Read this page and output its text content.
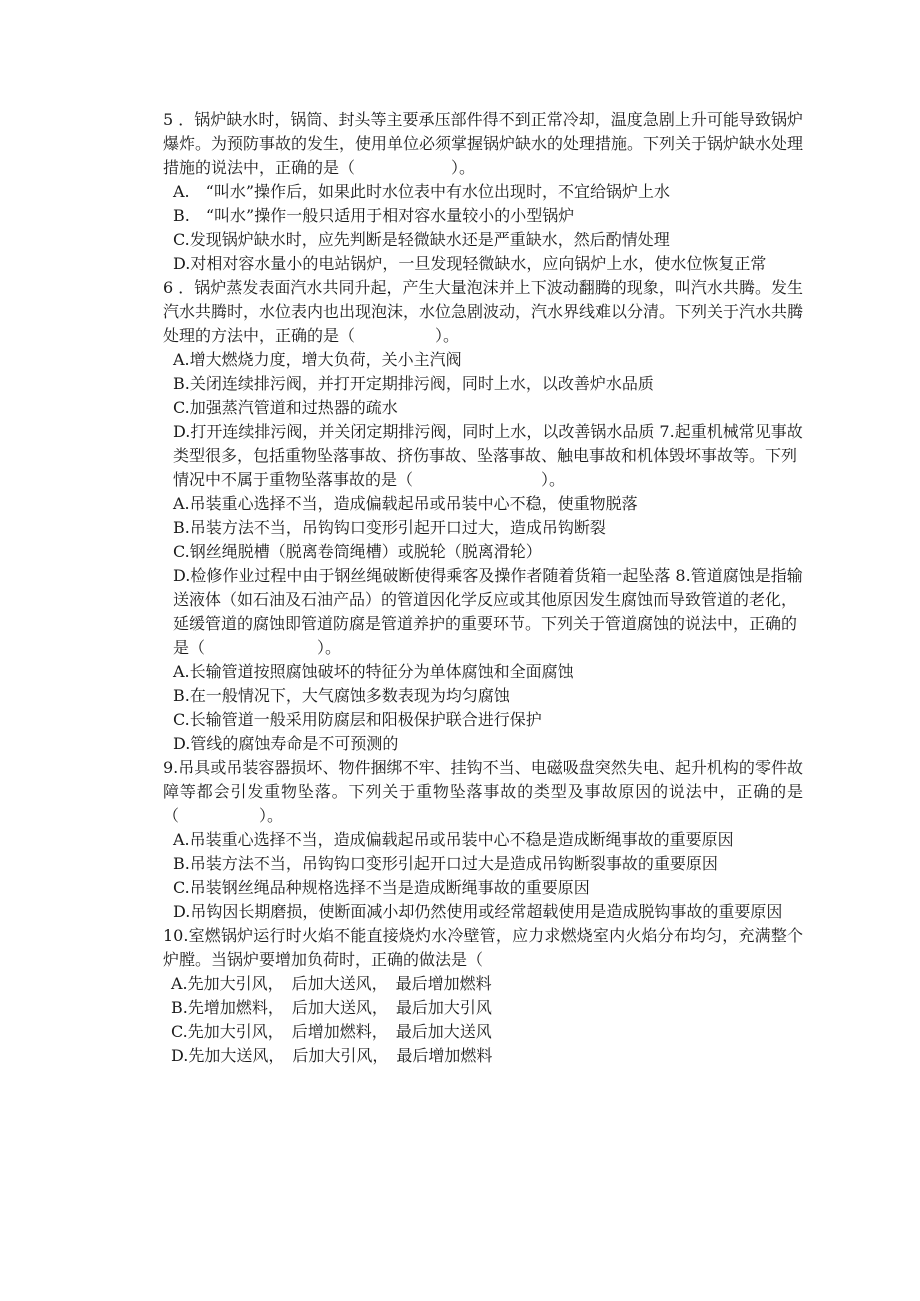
5 ．锅炉缺水时，锅筒、封头等主要承压部件得不到正常冷却，温度急剧上升可能导致锅炉爆炸。为预防事故的发生，使用单位必须掌握锅炉缺水的处理措施。下列关于锅炉缺水处理措施的说法中，正确的是（　　　　　　）。

A.　“叫水”操作后，如果此时水位表中有水位出现时，不宜给锅炉上水

B.　“叫水”操作一般只适用于相对容水量较小的小型锅炉

C.发现锅炉缺水时，应先判断是轻微缺水还是严重缺水，然后酌情处理

D.对相对容水量小的电站锅炉，一旦发现轻微缺水，应向锅炉上水，使水位恢复正常

6 ．锅炉蒸发表面汽水共同升起，产生大量泡沫并上下波动翻腾的现象，叫汽水共腾。发生汽水共腾时，水位表内也出现泡沫，水位急剧波动，汽水界线难以分清。下列关于汽水共腾处理的方法中，正确的是（　　　　　）。

A.增大燃烧力度，增大负荷，关小主汽阀

B.关闭连续排污阀，并打开定期排污阀，同时上水，以改善炉水品质

C.加强蒸汽管道和过热器的疏水

D.打开连续排污阀，并关闭定期排污阀，同时上水，以改善锅水品质 7.起重机械常见事故类型很多，包括重物坠落事故、挤伤事故、坠落事故、触电事故和机体毁坏事故等。下列情况中不属于重物坠落事故的是（　　　　　　　　）。

A.吊装重心选择不当，造成偏载起吊或吊装中心不稳，使重物脱落

B.吊装方法不当，吊钩钩口变形引起开口过大，造成吊钩断裂

C.钢丝绳脱槽（脱离卷筒绳槽）或脱轮（脱离滑轮）

D.检修作业过程中由于钢丝绳破断使得乘客及操作者随着货箱一起坠落 8.管道腐蚀是指输送液体（如石油及石油产品）的管道因化学反应或其他原因发生腐蚀而导致管道的老化，延缓管道的腐蚀即管道防腐是管道养护的重要环节。下列关于管道腐蚀的说法中，正确的是（　　　　　　　）。

A.长输管道按照腐蚀破坏的特征分为单体腐蚀和全面腐蚀

B.在一般情况下，大气腐蚀多数表现为均匀腐蚀

C.长输管道一般采用防腐层和阳极保护联合进行保护

D.管线的腐蚀寿命是不可预测的

9.吊具或吊装容器损坏、物件捆绑不牢、挂钩不当、电磁吸盘突然失电、起升机构的零件故障等都会引发重物坠落。下列关于重物坠落事故的类型及事故原因的说法中，正确的是（　　　　　）。

A.吊装重心选择不当，造成偏载起吊或吊装中心不稳是造成断绳事故的重要原因

B.吊装方法不当，吊钩钩口变形引起开口过大是造成吊钩断裂事故的重要原因

C.吊装钢丝绳品种规格选择不当是造成断绳事故的重要原因

D.吊钩因长期磨损，使断面减小却仍然使用或经常超载使用是造成脱钩事故的重要原因

10.室燃锅炉运行时火焰不能直接烧灼水冷壁管，应力求燃烧室内火焰分布均匀，充满整个炉膛。当锅炉要增加负荷时，正确的做法是（

A.先加大引风，　后加大送风，　最后增加燃料

B.先增加燃料，　后加大送风，　最后加大引风

C.先加大引风，　后增加燃料，　最后加大送风

D.先加大送风，　后加大引风，　最后增加燃料
